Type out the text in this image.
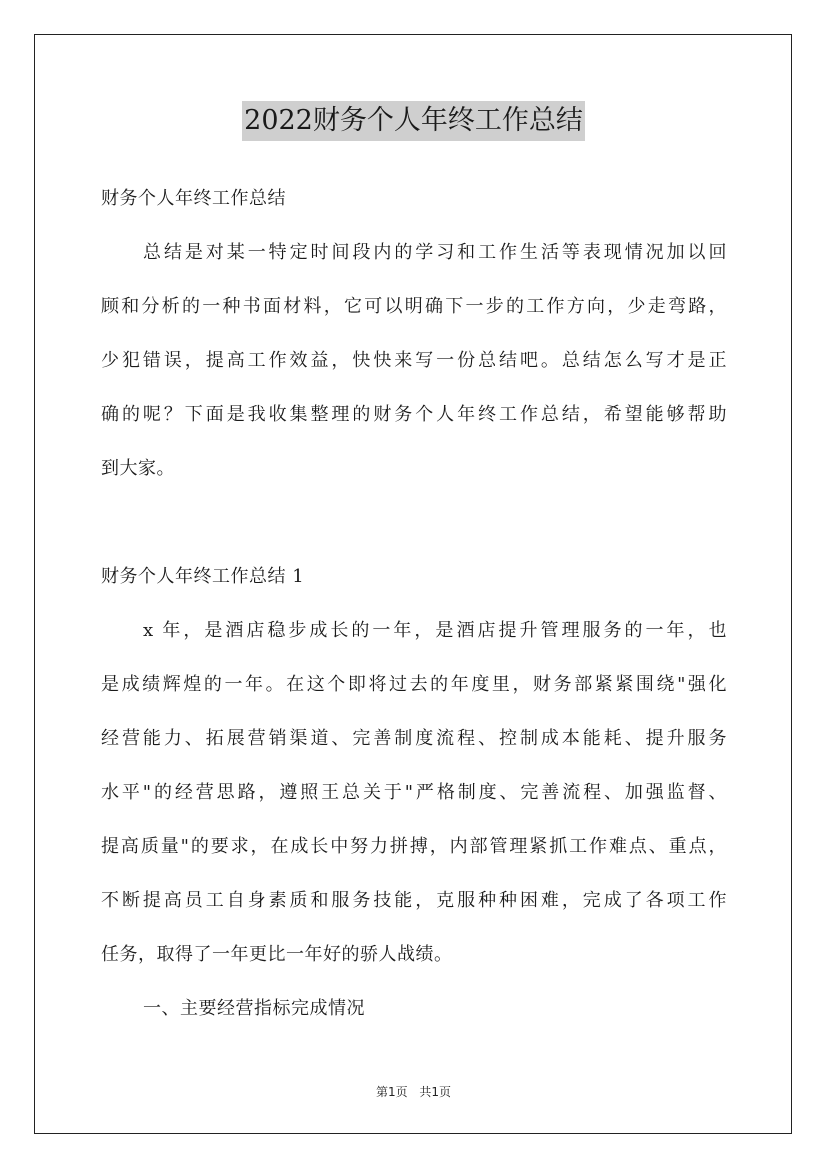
2022财务个人年终工作总结
财务个人年终工作总结
总结是对某一特定时间段内的学习和工作生活等表现情况加以回
顾和分析的一种书面材料，它可以明确下一步的工作方向，少走弯路，
少犯错误，提高工作效益，快快来写一份总结吧。总结怎么写才是正
确的呢？下面是我收集整理的财务个人年终工作总结，希望能够帮助
到大家。
财务个人年终工作总结 1
x 年，是酒店稳步成长的一年，是酒店提升管理服务的一年，也
是成绩辉煌的一年。在这个即将过去的年度里，财务部紧紧围绕"强化
经营能力、拓展营销渠道、完善制度流程、控制成本能耗、提升服务
水平"的经营思路，遵照王总关于"严格制度、完善流程、加强监督、
提高质量"的要求，在成长中努力拼搏，内部管理紧抓工作难点、重点，
不断提高员工自身素质和服务技能，克服种种困难，完成了各项工作
任务，取得了一年更比一年好的骄人战绩。
一、主要经营指标完成情况
第1页 共1页
